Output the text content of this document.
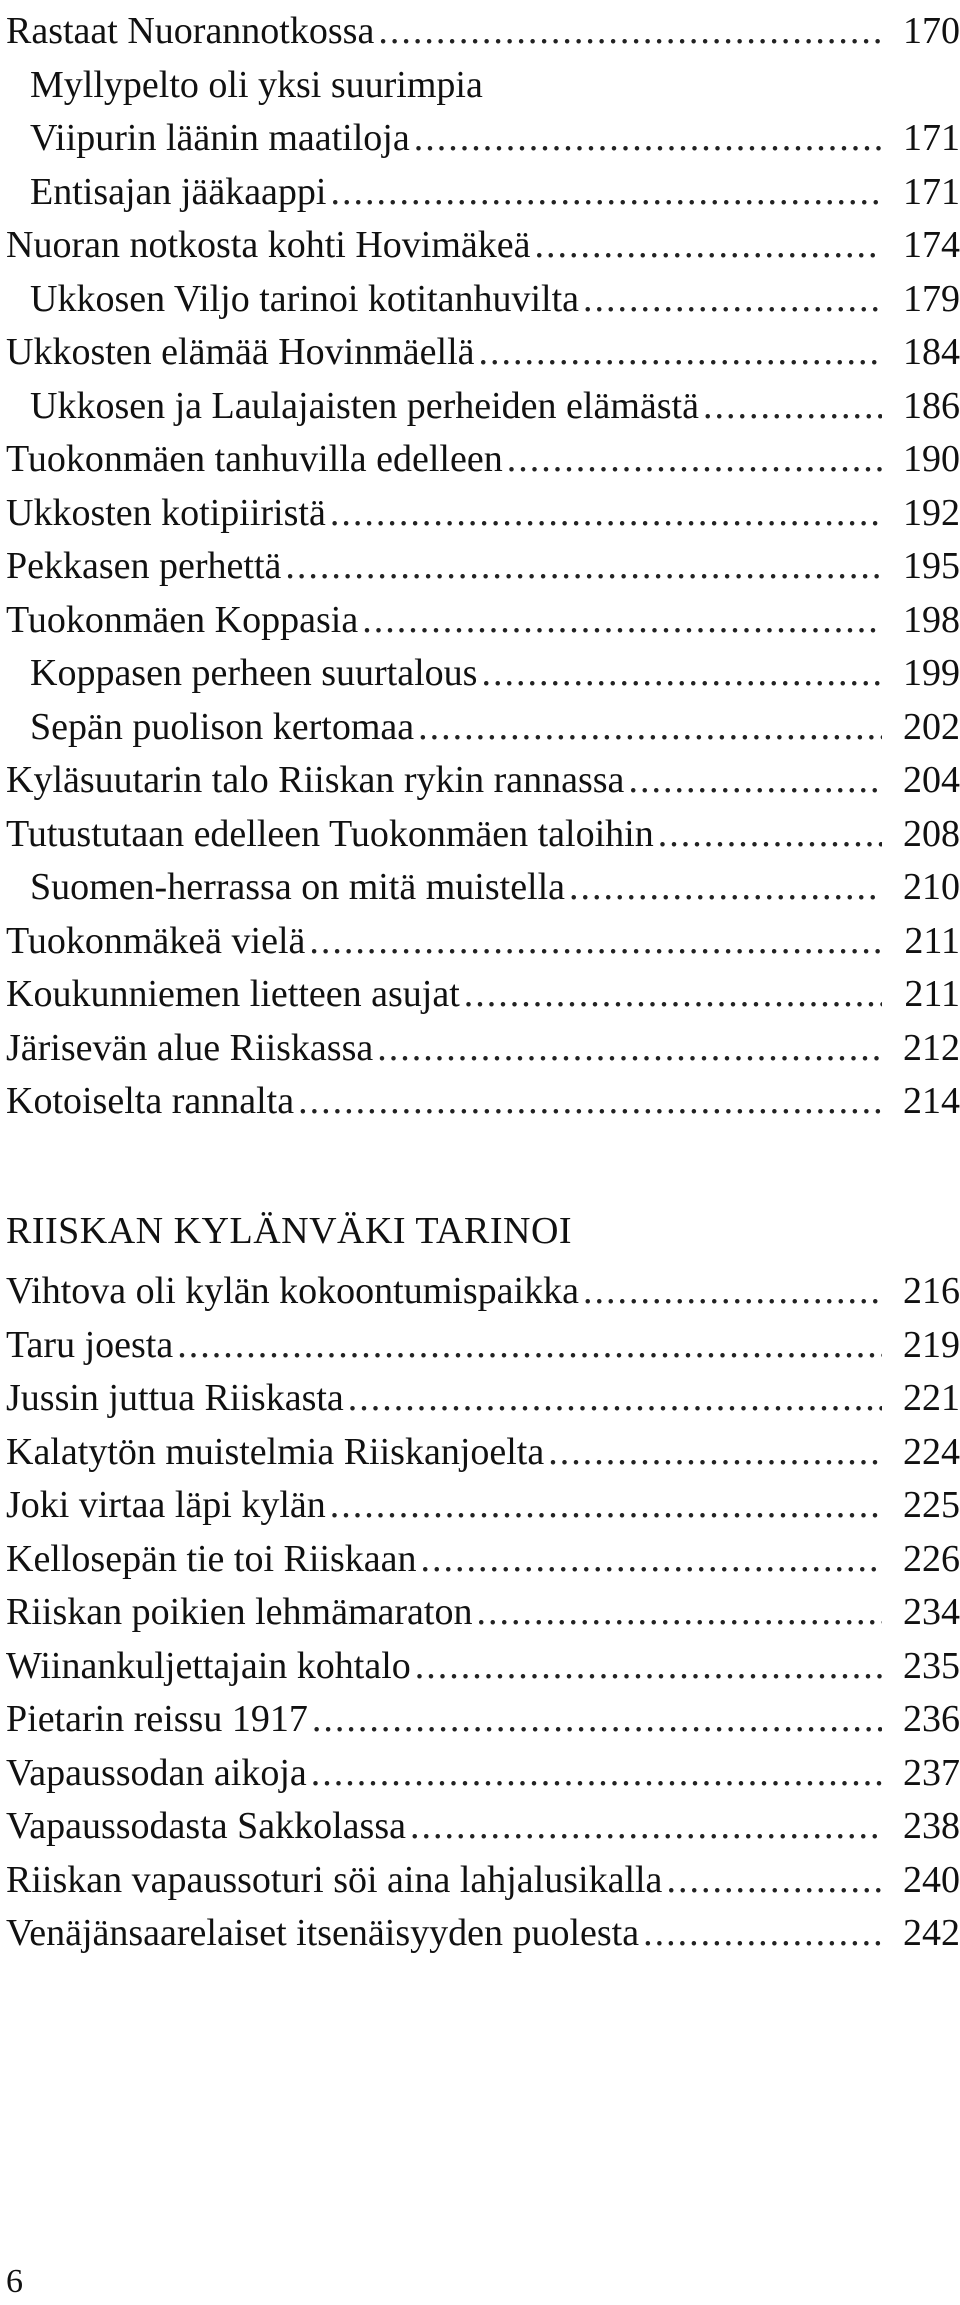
Rastaat Nuorannotkossa .....	170
Myllypelto oli yksi suurimpia
Viipurin läänin maatiloja .....	171
Entisajan jääkaappi .....	171
Nuoran notkosta kohti Hovimäkeä .....	174
Ukkosen Viljo tarinoi kotitanhuvilta .....	179
Ukkosten elämää Hovinmäellä .....	184
Ukkosen ja Laulajaisten perheiden elämästä .....	186
Tuokonmäen tanhuvilla edelleen .....	190
Ukkosten kotipiiristä .....	192
Pekkasen perhettä .....	195
Tuokonmäen Koppasia .....	198
Koppasen perheen suurtalous .....	199
Sepän puolison kertomaa .....	202
Kyläsuutarin talo Riiskan rykin rannassa .....	204
Tutustutaan edelleen Tuokonmäen taloihin .....	208
Suomen-herrassa on mitä muistella .....	210
Tuokonmäkeä vielä .....	211
Koukunniemen lietteen asujat .....	211
Järisevän alue Riiskassa .....	212
Kotoiselta rannalta .....	214
Vihtova oli kylän kokoontumispaikka .....	216
Taru joesta .....	219
Jussin juttua Riiskasta .....	221
Kalatytön muistelmia Riiskanjoelta .....	224
Joki virtaa läpi kylän .....	225
Kellosepän tie toi Riiskaan .....	226
Riiskan poikien lehmämaraton .....	234
Wiinankuljettajain kohtalo .....	235
Pietarin reissu 1917 .....	236
Vapaussodan aikoja .....	237
Vapaussodasta Sakkolassa .....	238
Riiskan vapaussoturi söi aina lahjalusikalla .....	240
Venäjänsaarelaiset itsenäisyyden puolesta .....	242
RIISKAN KYLÄNVÄKI TARINOI
6
